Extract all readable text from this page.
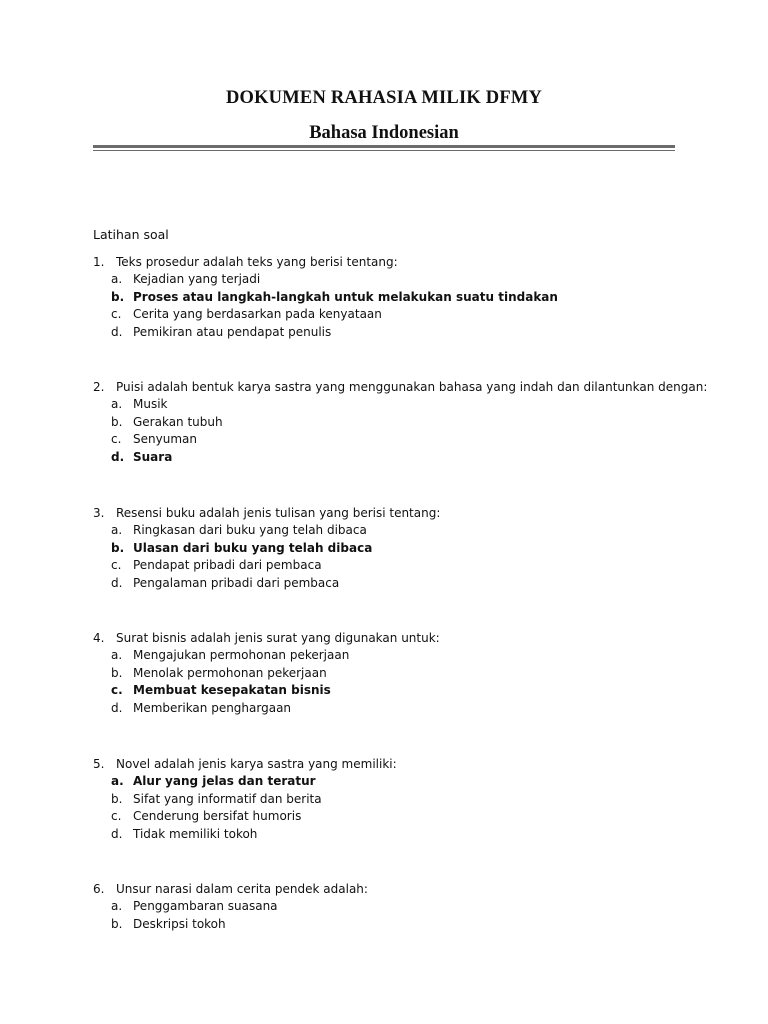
DOKUMEN RAHASIA MILIK DFMY
Bahasa Indonesian
Latihan soal
1. Teks prosedur adalah teks yang berisi tentang:
a. Kejadian yang terjadi
b. Proses atau langkah-langkah untuk melakukan suatu tindakan
c. Cerita yang berdasarkan pada kenyataan
d. Pemikiran atau pendapat penulis
2. Puisi adalah bentuk karya sastra yang menggunakan bahasa yang indah dan dilantunkan dengan:
a. Musik
b. Gerakan tubuh
c. Senyuman
d. Suara
3. Resensi buku adalah jenis tulisan yang berisi tentang:
a. Ringkasan dari buku yang telah dibaca
b. Ulasan dari buku yang telah dibaca
c. Pendapat pribadi dari pembaca
d. Pengalaman pribadi dari pembaca
4. Surat bisnis adalah jenis surat yang digunakan untuk:
a. Mengajukan permohonan pekerjaan
b. Menolak permohonan pekerjaan
c. Membuat kesepakatan bisnis
d. Memberikan penghargaan
5. Novel adalah jenis karya sastra yang memiliki:
a. Alur yang jelas dan teratur
b. Sifat yang informatif dan berita
c. Cenderung bersifat humoris
d. Tidak memiliki tokoh
6. Unsur narasi dalam cerita pendek adalah:
a. Penggambaran suasana
b. Deskripsi tokoh
